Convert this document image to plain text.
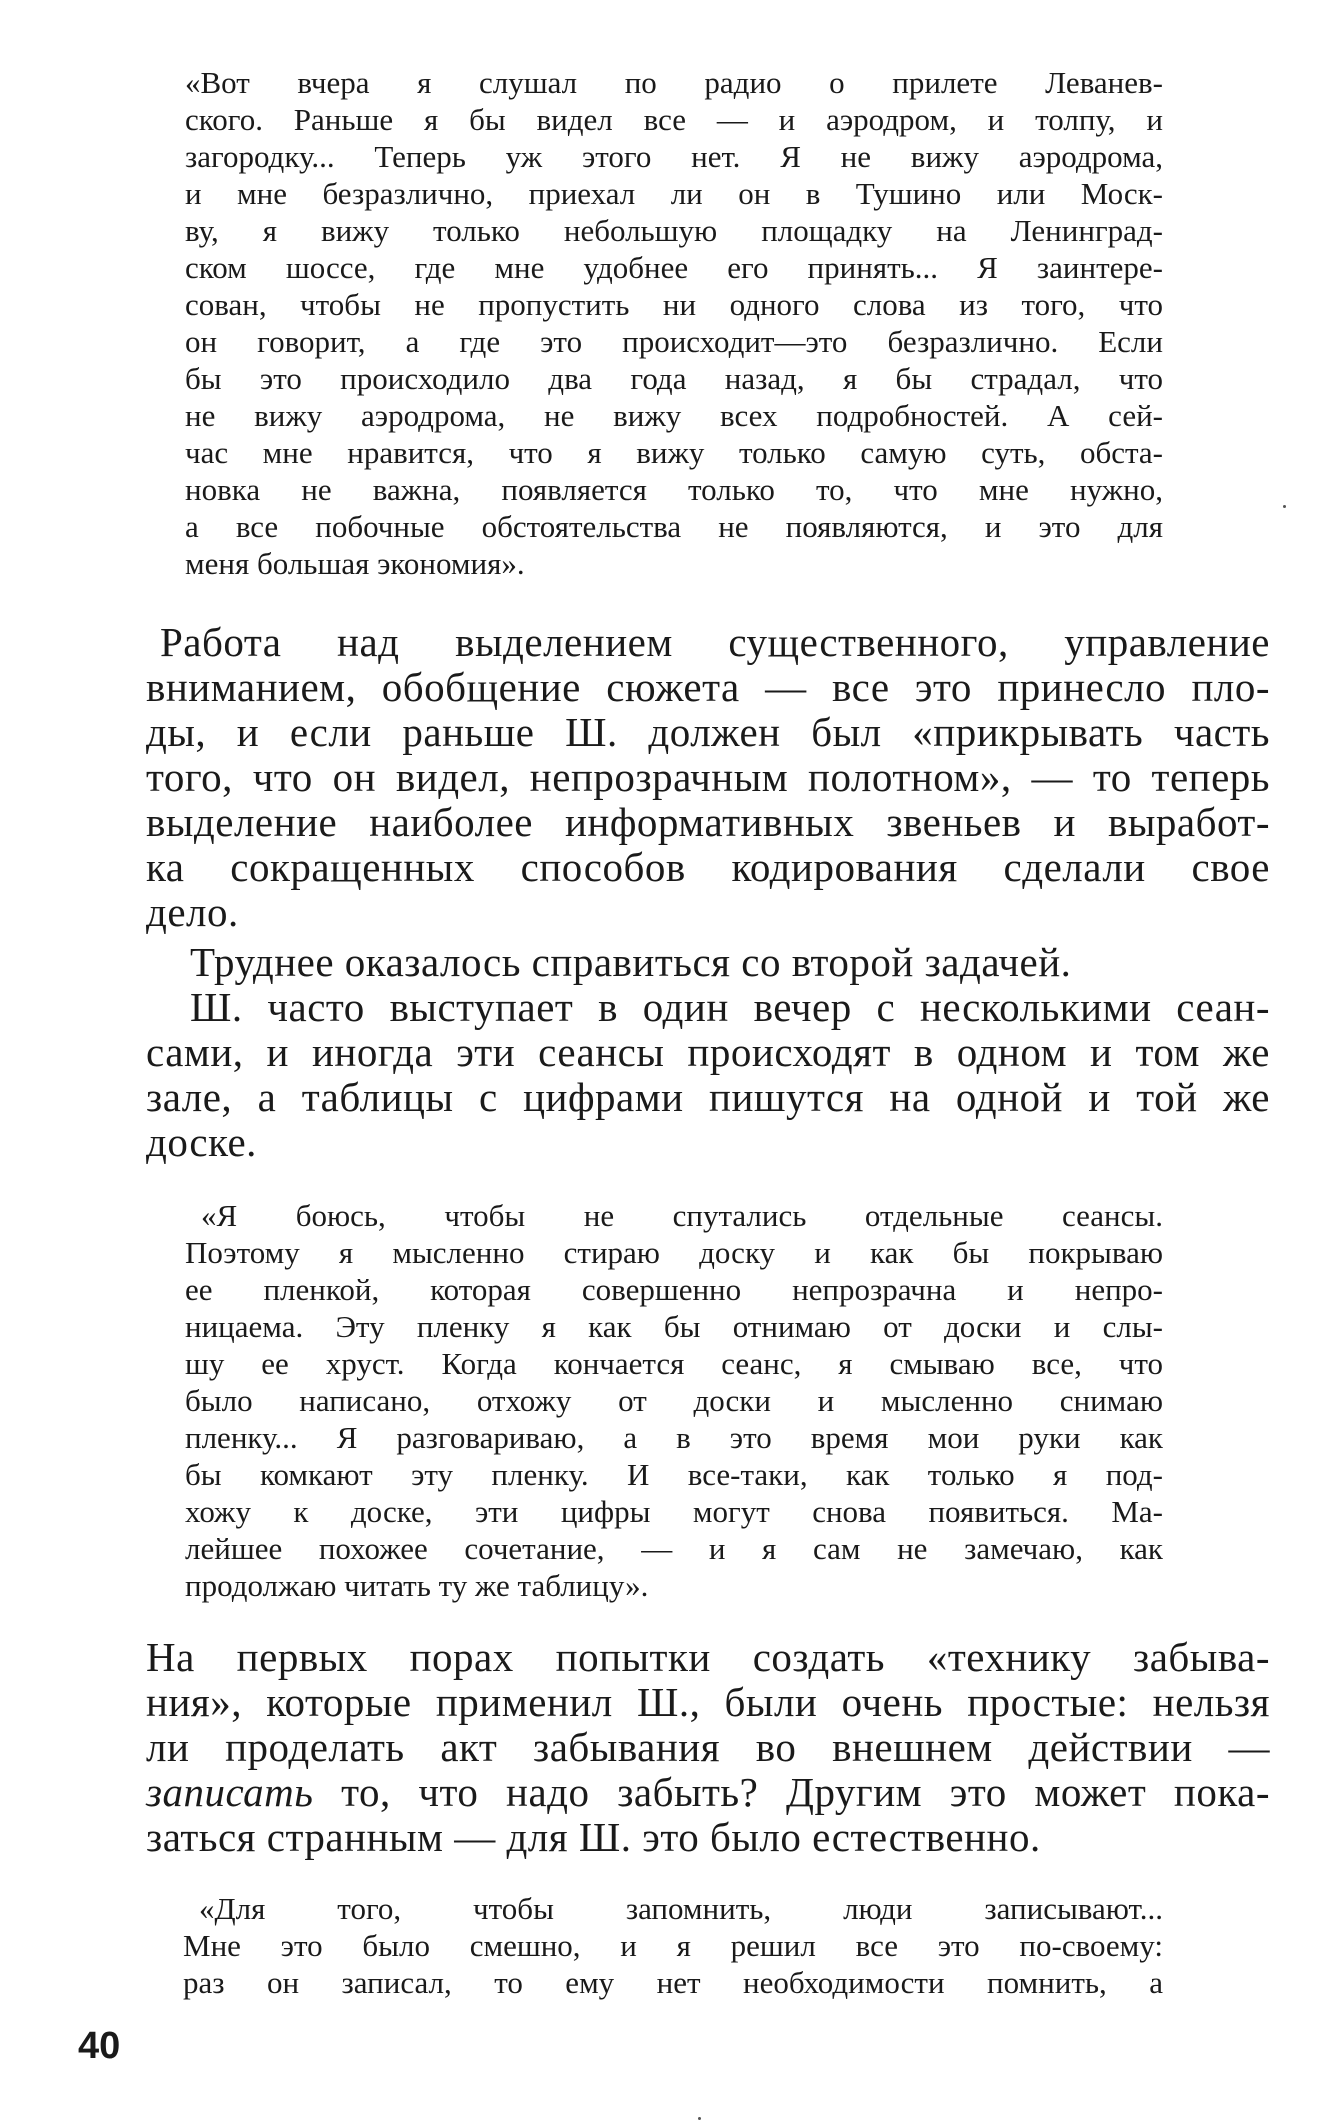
«Вот вчера я слушал по радио о прилете Леванев-
ского. Раньше я бы видел все — и аэродром, и толпу, и
загородку... Теперь уж этого нет. Я не вижу аэродрома,
и мне безразлично, приехал ли он в Тушино или Моск-
ву, я вижу только небольшую площадку на Ленинград-
ском шоссе, где мне удобнее его принять... Я заинтере-
сован, чтобы не пропустить ни одного слова из того, что
он говорит, а где это происходит—это безразлично. Если
бы это происходило два года назад, я бы страдал, что
не вижу аэродрома, не вижу всех подробностей. А сей-
час мне нравится, что я вижу только самую суть, обста-
новка не важна, появляется только то, что мне нужно,
а все побочные обстоятельства не появляются, и это для
меня большая экономия».
Работа над выделением существенного, управление
вниманием, обобщение сюжета — все это принесло пло-
ды, и если раньше Ш. должен был «прикрывать часть
того, что он видел, непрозрачным полотном», — то теперь
выделение наиболее информативных звеньев и выработ-
ка сокращенных способов кодирования сделали свое
дело.
Труднее оказалось справиться со второй задачей.
Ш. часто выступает в один вечер с несколькими сеан-
сами, и иногда эти сеансы происходят в одном и том же
зале, а таблицы с цифрами пишутся на одной и той же
доске.
«Я боюсь, чтобы не спутались отдельные сеансы.
Поэтому я мысленно стираю доску и как бы покрываю
ее пленкой, которая совершенно непрозрачна и непро-
ницаема. Эту пленку я как бы отнимаю от доски и слы-
шу ее хруст. Когда кончается сеанс, я смываю все, что
было написано, отхожу от доски и мысленно снимаю
пленку... Я разговариваю, а в это время мои руки как
бы комкают эту пленку. И все-таки, как только я под-
хожу к доске, эти цифры могут снова появиться. Ма-
лейшее похожее сочетание, — и я сам не замечаю, как
продолжаю читать ту же таблицу».
На первых порах попытки создать «технику забыва-
ния», которые применил Ш., были очень простые: нельзя
ли проделать акт забывания во внешнем действии —
записать то, что надо забыть? Другим это может пока-
заться странным — для Ш. это было естественно.
«Для того, чтобы запомнить, люди записывают...
Мне это было смешно, и я решил все это по-своему:
раз он записал, то ему нет необходимости помнить, а
40
